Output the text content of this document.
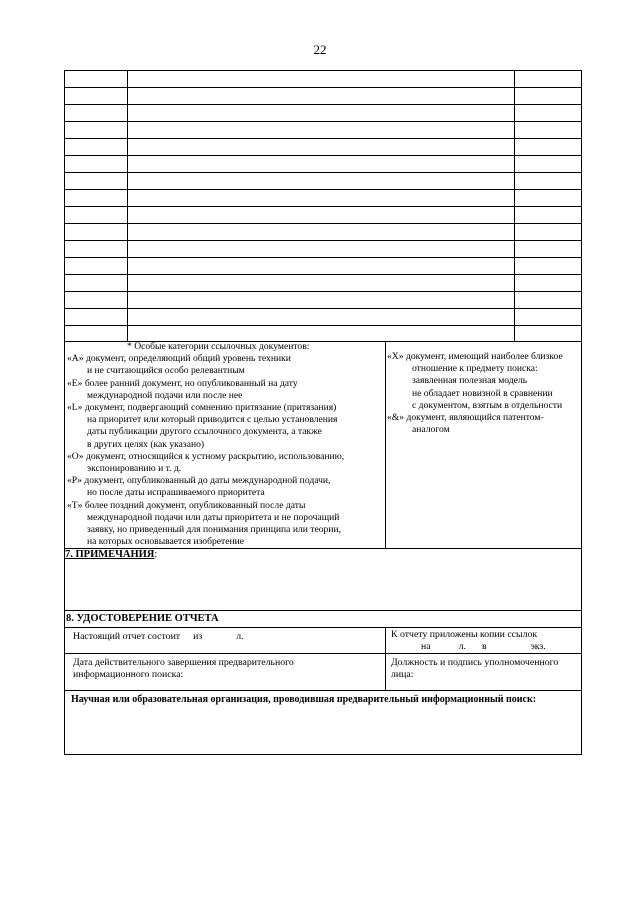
22
* Особые категории ссылочных документов:
«A» документ, определяющий общий уровень техники
и не считающийся особо релевантным
«E» более ранний документ, но опубликованный на дату
международной подачи или после нее
«L» документ, подвергающий сомнению притязание (притязания)
на приоритет или который приводится с целью установления
даты публикации другого ссылочного документа, а также
в других целях (как указано)
«O» документ, относящийся к устному раскрытию, использованию,
экспонированию и т. д.
«P» документ, опубликованный до даты международной подачи,
но после даты испрашиваемого приоритета
«T» более поздний документ, опубликованный после даты
международной подачи или даты приоритета и не порочащий
заявку, но приведенный для понимания принципа или теории,
на которых основывается изобретение
«X» документ, имеющий наиболее близкое
отношение к предмету поиска:
заявленная полезная модель
не обладает новизной в сравнении
с документом, взятым в отдельности
«&» документ, являющийся патентом-
аналогом
7. ПРИМЕЧАНИЯ:
8. УДОСТОВЕРЕНИЕ ОТЧЕТА
Настоящий отчет состоит из	л.	К отчету приложены копии ссылок
на	л. в	экз.
Дата действительного завершения предварительного
информационного поиска:
Должность и подпись уполномоченного
лица:
Научная или образовательная организация, проводившая предварительный информационный поиск:
